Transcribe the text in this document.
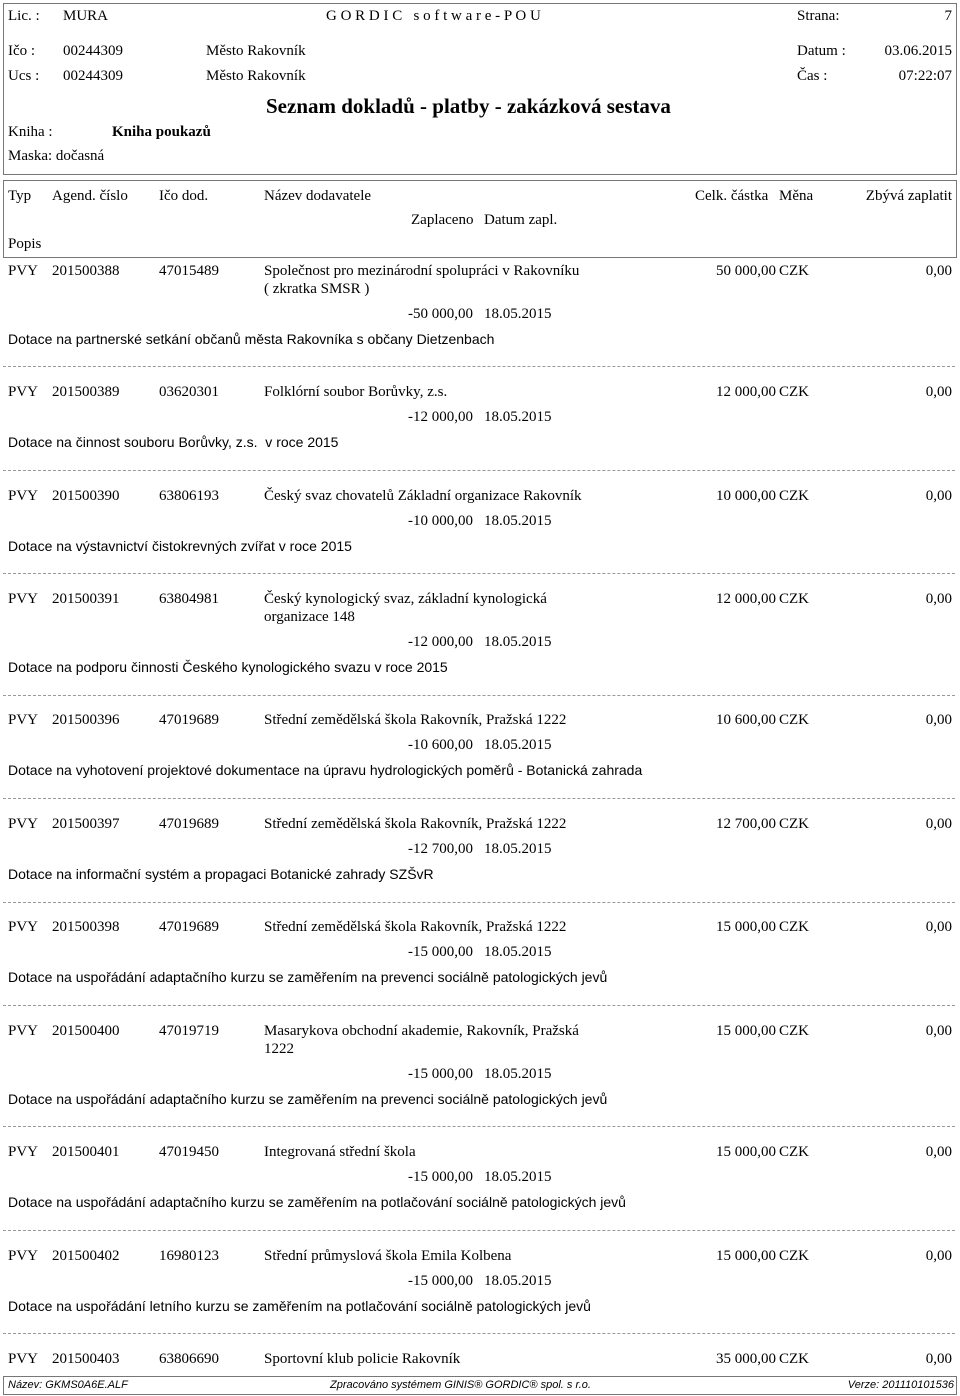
Lic. : MURA	G O R D I C   s o f t w a r e - P O U	Strana:	7
Ičo : 00244309	Město Rakovník	Datum :	03.06.2015
Ucs : 00244309	Město Rakovník	Čas :	07:22:07
Seznam dokladů - platby - zakázková sestava
Kniha :	Kniha poukazů
Maska: dočasná
Typ Agend. číslo Ičo dod.	Název dodavatele	Celk. částka Měna	Zbývá zaplatit
Zaplaceno Datum zapl.
Popis
PVY 201500388	47015489	Společnost pro mezinárodní spolupráci v Rakovníku
( zkratka SMSR )
50 000,00 CZK	0,00
-50 000,00 18.05.2015
Dotace na partnerské setkání občanů města Rakovníka s občany Dietzenbach
PVY 201500389	03620301	Folklórní soubor Borůvky, z.s.	12 000,00 CZK	0,00
-12 000,00 18.05.2015
Dotace na činnost souboru Borůvky, z.s.  v roce 2015
PVY 201500390	63806193	Český svaz chovatelů Základní organizace Rakovník	10 000,00 CZK	0,00
-10 000,00 18.05.2015
Dotace na výstavnictví čistokrevných zvířat v roce 2015
PVY 201500391	63804981	Český kynologický svaz, základní kynologická
organizace 148
12 000,00 CZK	0,00
-12 000,00 18.05.2015
Dotace na podporu činnosti Českého kynologického svazu v roce 2015
PVY 201500396	47019689	Střední zemědělská škola Rakovník, Pražská 1222	10 600,00 CZK	0,00
-10 600,00 18.05.2015
Dotace na vyhotovení projektové dokumentace na úpravu hydrologických poměrů - Botanická zahrada
PVY 201500397	47019689	Střední zemědělská škola Rakovník, Pražská 1222	12 700,00 CZK	0,00
-12 700,00 18.05.2015
Dotace na informační systém a propagaci Botanické zahrady SZŠvR
PVY 201500398	47019689	Střední zemědělská škola Rakovník, Pražská 1222	15 000,00 CZK	0,00
-15 000,00 18.05.2015
Dotace na uspořádání adaptačního kurzu se zaměřením na prevenci sociálně patologických jevů
PVY 201500400	47019719	Masarykova obchodní akademie, Rakovník, Pražská
1222
15 000,00 CZK	0,00
-15 000,00 18.05.2015
Dotace na uspořádání adaptačního kurzu se zaměřením na prevenci sociálně patologických jevů
PVY 201500401	47019450	Integrovaná střední škola	15 000,00 CZK	0,00
-15 000,00 18.05.2015
Dotace na uspořádání adaptačního kurzu se zaměřením na potlačování sociálně patologických jevů
PVY 201500402	16980123	Střední průmyslová škola Emila Kolbena	15 000,00 CZK	0,00
-15 000,00 18.05.2015
Dotace na uspořádání letního kurzu se zaměřením na potlačování sociálně patologických jevů
PVY 201500403	63806690	Sportovní klub policie Rakovník	35 000,00 CZK	0,00
Název: GKMS0A6E.ALF	Zpracováno systémem GINIS® GORDIC® spol. s r.o.	Verze: 201110101536
